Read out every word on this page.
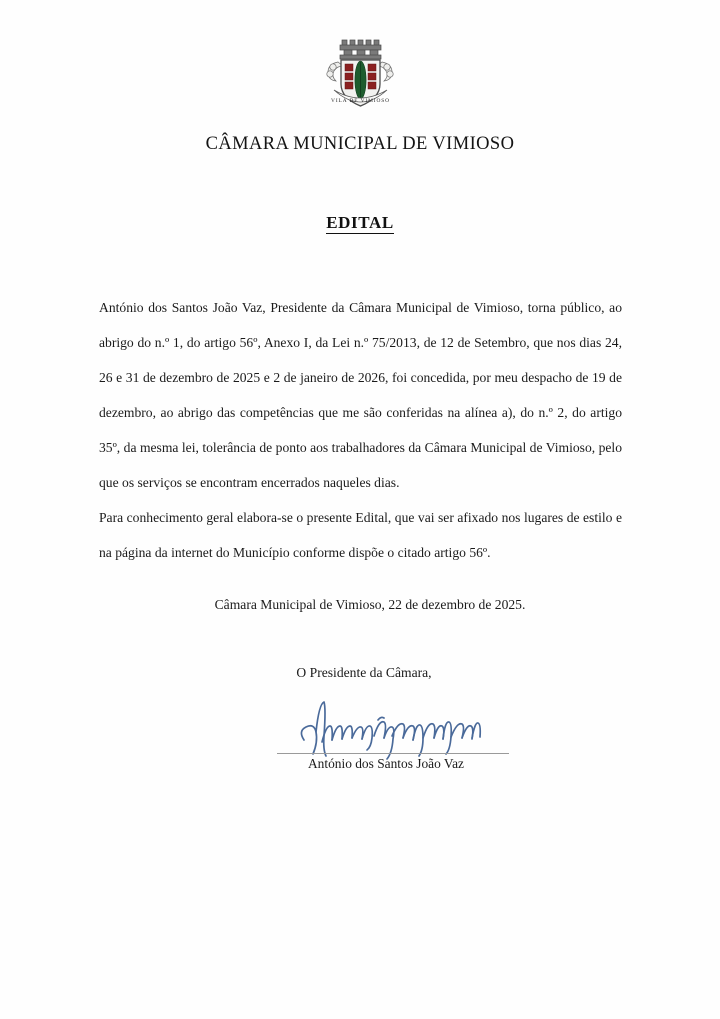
VILA DE VIMIOSO
CÂMARA MUNICIPAL DE VIMIOSO
EDITAL

António dos Santos João Vaz, Presidente da Câmara Municipal de Vimioso, torna público, ao abrigo do n.º 1, do artigo 56º, Anexo I, da Lei n.º 75/2013, de 12 de Setembro, que nos dias 24, 26 e 31 de dezembro de 2025 e 2 de janeiro de 2026, foi concedida, por meu despacho de 19 de dezembro, ao abrigo das competências que me são conferidas na alínea a), do n.º 2, do artigo 35º, da mesma lei, tolerância de ponto aos trabalhadores da Câmara Municipal de Vimioso, pelo que os serviços se encontram encerrados naqueles dias.

Para conhecimento geral elabora-se o presente Edital, que vai ser afixado nos lugares de estilo e na página da internet do Município conforme dispõe o citado artigo 56º.

Câmara Municipal de Vimioso, 22 de dezembro de 2025.
O Presidente da Câmara,
António dos Santos João Vaz
